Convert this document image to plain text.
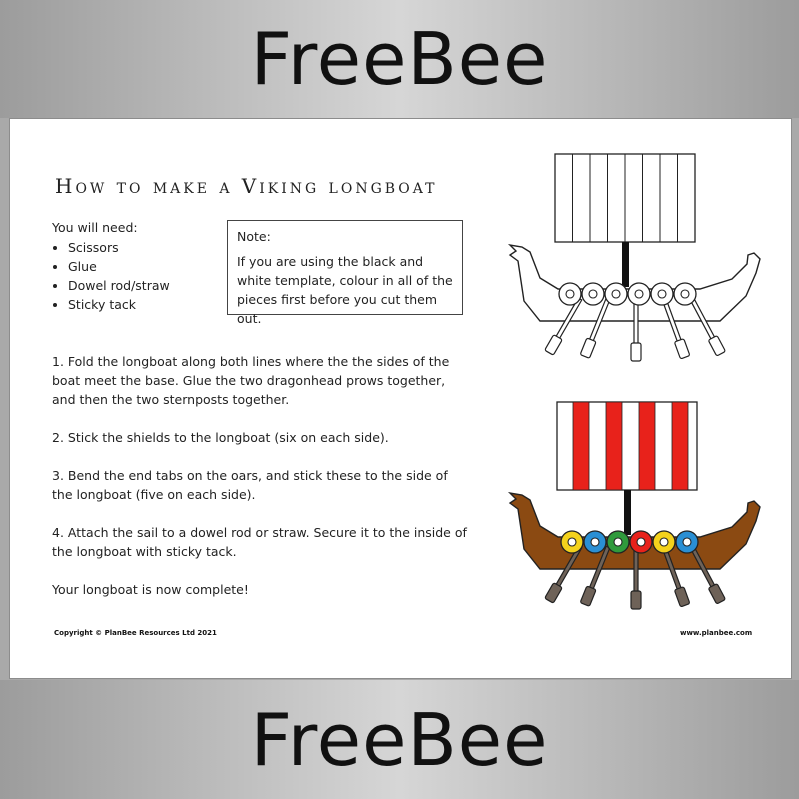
FreeBee
How to make a Viking longboat
You will need:
• Scissors
• Glue
• Dowel rod/straw
• Sticky tack
Note:
If you are using the black and white template, colour in all of the pieces first before you cut them out.

1. Fold the longboat along both lines where the the sides of the boat meet the base. Glue the two dragonhead prows together, and then the two sternposts together.

2. Stick the shields to the longboat (six on each side).

3. Bend the end tabs on the oars, and stick these to the side of the longboat (five on each side).

4. Attach the sail to a dowel rod or straw. Secure it to the inside of the longboat with sticky tack.

Your longboat is now complete!

Copyright © PlanBee Resources Ltd 2021	www.planbee.com
FreeBee
